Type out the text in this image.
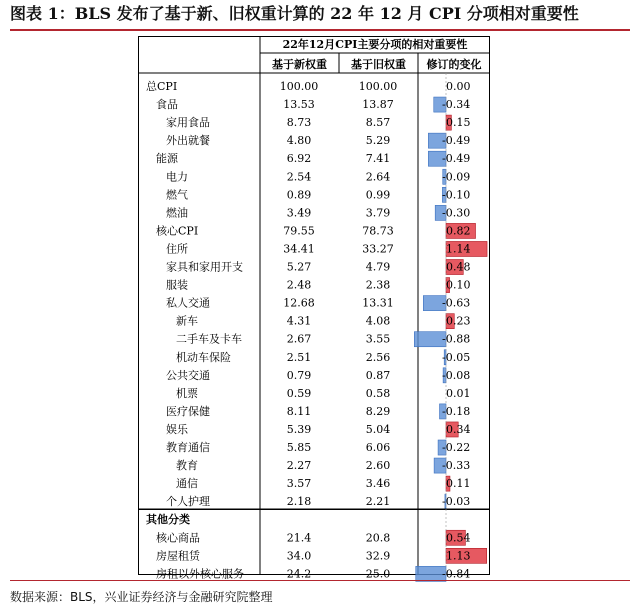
图表 1：BLS 发布了基于新、旧权重计算的 22 年 12 月 CPI 分项相对重要性
22年12月CPI主要分项的相对重要性
基于新权重 基于旧权重 修订的变化
总CPI	100.00	100.00	0.00
食品	13.53	13.87	-0.34
家用食品	8.73	8.57	0.15
外出就餐	4.80	5.29	-0.49
能源	6.92	7.41	-0.49
电力	2.54	2.64	-0.09
燃气	0.89	0.99	-0.10
燃油	3.49	3.79	-0.30
核心CPI	79.55	78.73	0.82
住所	34.41	33.27	1.14
家具和家用开支	5.27	4.79	0.48
服装	2.48	2.38	0.10
私人交通	12.68	13.31	-0.63
新车	4.31	4.08	0.23
二手车及卡车	2.67	3.55	-0.88
机动车保险	2.51	2.56	-0.05
公共交通	0.79	0.87	-0.08
机票	0.59	0.58	0.01
医疗保健	8.11	8.29	-0.18
娱乐	5.39	5.04	0.34
教育通信	5.85	6.06	-0.22
教育	2.27	2.60	-0.33
通信	3.57	3.46	0.11
个人护理	2.18	2.21	-0.03
其他分类
核心商品	21.4	20.8	0.54
房屋租赁	34.0	32.9	1.13
房租以外核心服务	24.2	25.0	-0.84
数据来源：BLS，兴业证券经济与金融研究院整理
